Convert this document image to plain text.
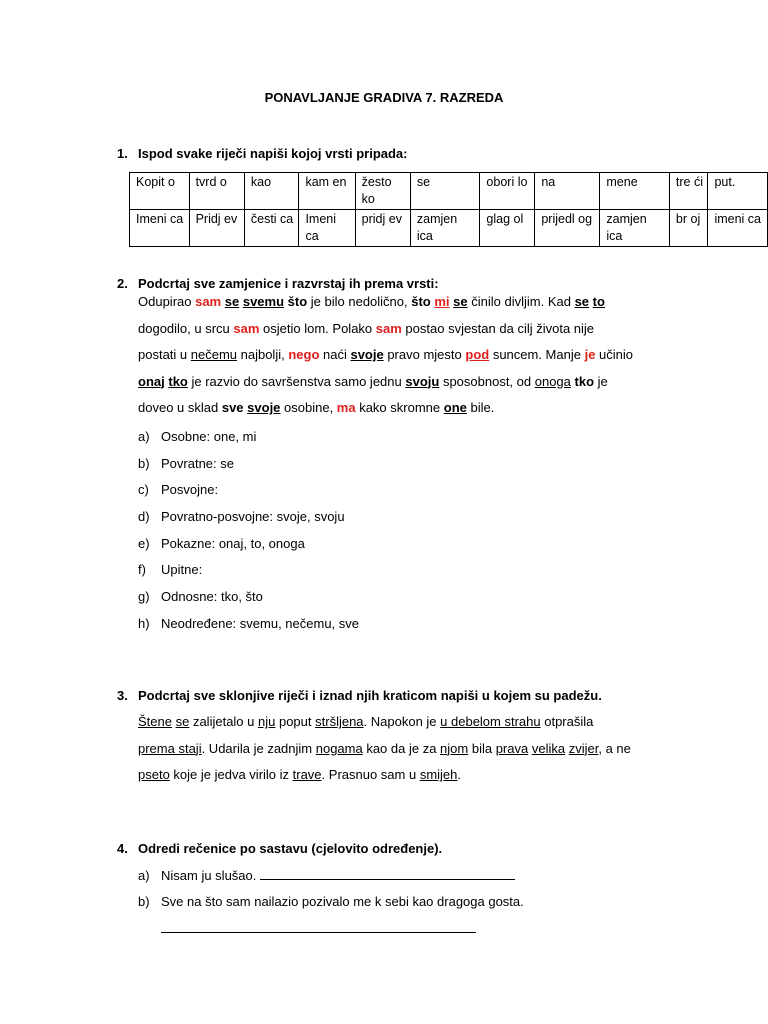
PONAVLJANJE GRADIVA 7. RAZREDA
1. Ispod svake riječi napiši kojoj vrsti pripada:
Kopit o	tvrd o	kao	kam en	žesto ko	se	obori lo	na	mene	tre ći	put.
Imeni ca	Pridj ev	česti ca	Imeni ca	pridj ev	zamjen ica	glag ol	prijedl og	zamjen ica	br oj	imeni ca
2. Podcrtaj sve zamjenice i razvrstaj ih prema vrsti:
Odupirao sam se svemu što je bilo nedolično, što mi se činilo divljim. Kad se to
dogodilo, u srcu sam osjetio lom. Polako sam postao svjestan da cilj života nije
postati u nečemu najbolji, nego naći svoje pravo mjesto pod suncem. Manje je učinio
onaj tko je razvio do savršenstva samo jednu svoju sposobnost, od onoga tko je
doveo u sklad sve svoje osobine, ma kako skromne one bile.
a) Osobne: one, mi
b) Povratne: se
c) Posvojne:
d) Povratno-posvojne: svoje, svoju
e) Pokazne: onaj, to, onoga
f) Upitne:
g) Odnosne: tko, što
h) Neodređene: svemu, nečemu, sve
3. Podcrtaj sve sklonjive riječi i iznad njih kraticom napiši u kojem su padežu.
Štene se zalijetalo u nju poput stršljena. Napokon je u debelom strahu otprašila
prema staji. Udarila je zadnjim nogama kao da je za njom bila prava velika zvijer, a ne
pseto koje je jedva virilo iz trave. Prasnuo sam u smijeh.
4. Odredi rečenice po sastavu (cjelovito određenje).
a) Nisam ju slušao.
b) Sve na što sam nailazio pozivalo me k sebi kao dragoga gosta.
